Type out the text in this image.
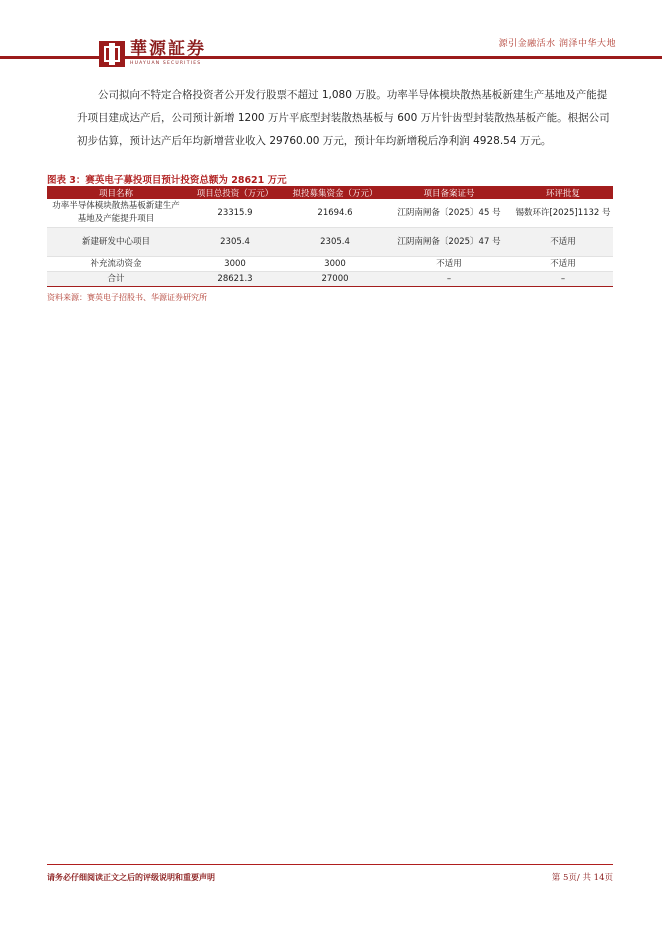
華源証券
HUAYUAN SECURITIES
源引金融活水 润泽中华大地

公司拟向不特定合格投资者公开发行股票不超过 1,080 万股。功率半导体模块散热基板新建生产基地及产能提升项目建成达产后，公司预计新增 1200 万片平底型封装散热基板与 600 万片针齿型封装散热基板产能。根据公司初步估算，预计达产后年均新增营业收入 29760.00 万元，预计年均新增税后净利润 4928.54 万元。

图表 3：赛英电子募投项目预计投资总额为 28621 万元
项目名称	项目总投资（万元）	拟投募集资金（万元）	项目备案证号	环评批复
功率半导体模块散热基板新建生产基地及产能提升项目	23315.9	21694.6	江阴南闸备〔2025〕45 号	锡数环许[2025]1132 号
新建研发中心项目	2305.4	2305.4	江阴南闸备〔2025〕47 号	不适用
补充流动资金	3000	3000	不适用	不适用
合计	28621.3	27000	–	–
资料来源：赛英电子招股书、华源证券研究所
请务必仔细阅读正文之后的评级说明和重要声明	第 5页/ 共 14页
